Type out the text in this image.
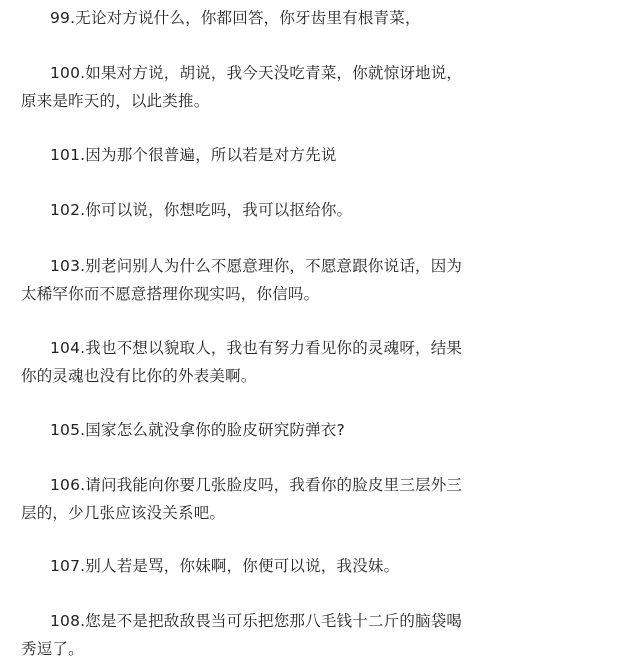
99.无论对方说什么，你都回答，你牙齿里有根青菜，

100.如果对方说，胡说，我今天没吃青菜，你就惊讶地说，原来是昨天的，以此类推。

101.因为那个很普遍，所以若是对方先说

102.你可以说，你想吃吗，我可以抠给你。

103.别老问别人为什么不愿意理你，不愿意跟你说话，因为太稀罕你而不愿意搭理你现实吗，你信吗。

104.我也不想以貌取人，我也有努力看见你的灵魂呀，结果你的灵魂也没有比你的外表美啊。

105.国家怎么就没拿你的脸皮研究防弹衣?

106.请问我能向你要几张脸皮吗，我看你的脸皮里三层外三层的，少几张应该没关系吧。

107.别人若是骂，你妹啊，你便可以说，我没妹。

108.您是不是把敌敌畏当可乐把您那八毛钱十二斤的脑袋喝秀逗了。
